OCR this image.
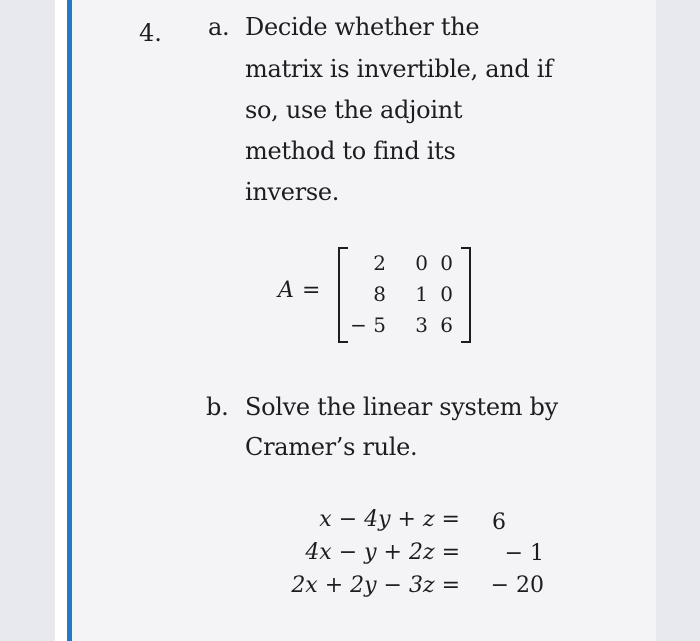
4. a. Decide whether the
matrix is invertible, and if
so, use the adjoint
method to find its
inverse.
A =
2	0 0
8	1 0
− 5	3 6
b. Solve the linear system by
Cramer’s rule.
x − 4y + z =	6
4x − y + 2z =	− 1
2x + 2y − 3z = − 20
